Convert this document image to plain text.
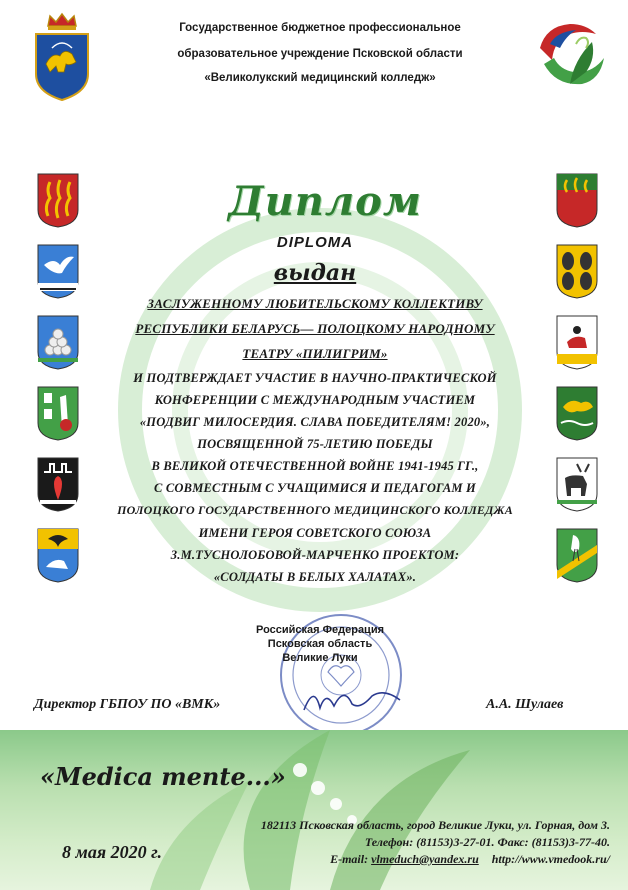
Государственное бюджетное профессиональное
образовательное учреждение Псковской области
«Великолукский медицинский колледж»
Диплом
DIPLOMA
выдан
ЗАСЛУЖЕННОМУ ЛЮБИТЕЛЬСКОМУ КОЛЛЕКТИВУ
РЕСПУБЛИКИ БЕЛАРУСЬ— ПОЛОЦКОМУ НАРОДНОМУ
ТЕАТРУ «ПИЛИГРИМ»
И ПОДТВЕРЖДАЕТ УЧАСТИЕ В НАУЧНО-ПРАКТИЧЕСКОЙ
КОНФЕРЕНЦИИ С МЕЖДУНАРОДНЫМ УЧАСТИЕМ
«ПОДВИГ МИЛОСЕРДИЯ. СЛАВА ПОБЕДИТЕЛЯМ! 2020»,
ПОСВЯЩЕННОЙ 75-ЛЕТИЮ ПОБЕДЫ
В ВЕЛИКОЙ ОТЕЧЕСТВЕННОЙ ВОЙНЕ 1941-1945 ГГ.,
С СОВМЕСТНЫМ С УЧАЩИМИСЯ И ПЕДАГОГАМ И
ПОЛОЦКОГО ГОСУДАРСТВЕННОГО МЕДИЦИНСКОГО КОЛЛЕДЖА
ИМЕНИ ГЕРОЯ СОВЕТСКОГО СОЮЗА
З.М.ТУСНОЛОБОВОЙ-МАРЧЕНКО ПРОЕКТОМ:
«СОЛДАТЫ В БЕЛЫХ ХАЛАТАХ».
Российская Федерация
Псковская область
Великие Луки
Директор ГБПОУ ПО «ВМК»	А.А. Шулаев
«Medica mente...»
8 мая 2020 г.
182113 Псковская область, город Великие Луки, ул. Горная, дом 3.
Телефон: (81153)3-27-01. Факс: (81153)3-77-40.
E-mail: vlmeduch@yandex.ru http://www.vmedook.ru/
